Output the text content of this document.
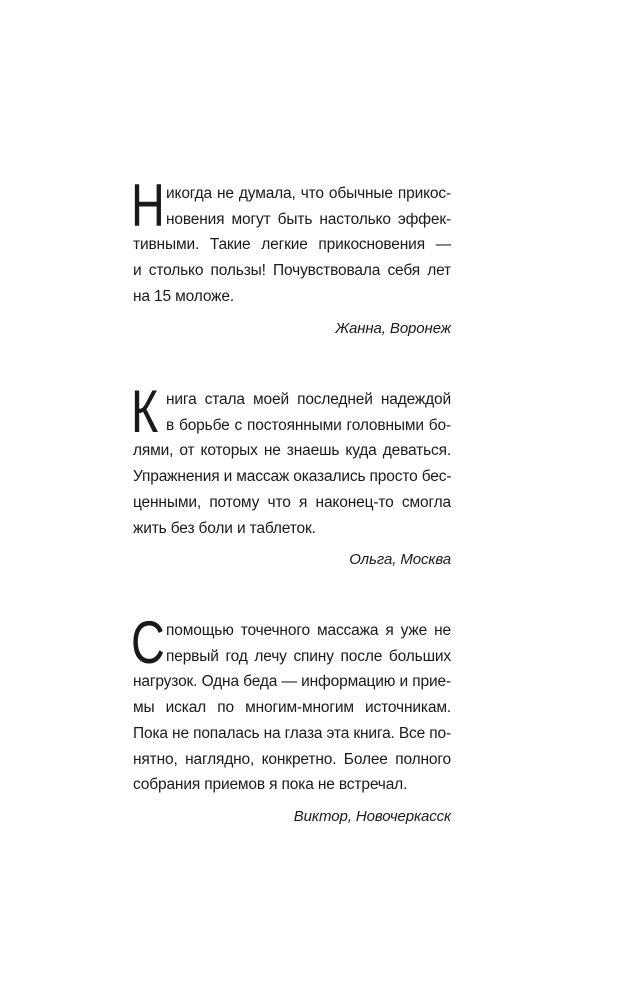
Н икогда не думала, что обычные прикос-
новения могут быть настолько эффек-
тивными. Такие легкие прикосновения —
и столько пользы! Почувствовала себя лет
на 15 моложе.
Жанна, Воронеж
К нига стала моей последней надеждой
в борьбе с постоянными головными бо-
лями, от которых не знаешь куда деваться.
Упражнения и массаж оказались просто бес-
ценными, потому что я наконец-то смогла
жить без боли и таблеток.
Ольга, Москва
С помощью точечного массажа я уже не
первый год лечу спину после больших
нагрузок. Одна беда — информацию и прие-
мы искал по многим-многим источникам.
Пока не попалась на глаза эта книга. Все по-
нятно, наглядно, конкретно. Более полного
собрания приемов я пока не встречал.
Виктор, Новочеркасск
